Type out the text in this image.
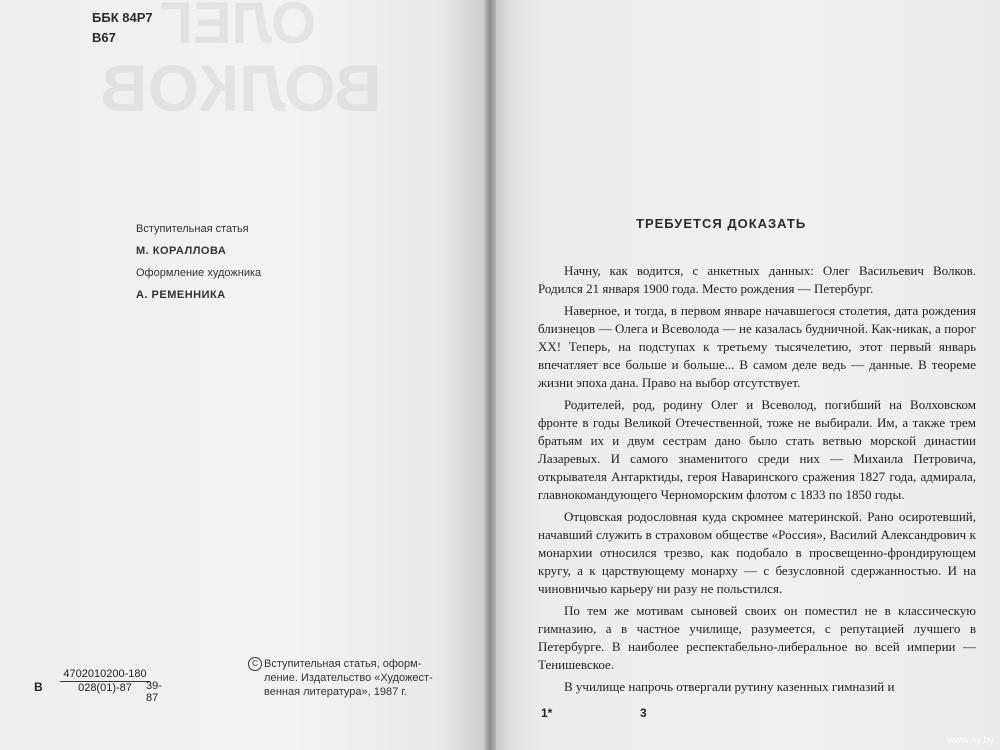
ОЛЕГ
ВОЛКОВ
ББК 84Р7
В67
Вступительная статья
М. КОРАЛЛОВА
Оформление художника
А. РЕМЕННИКА
В $\frac{4702010200-180}{028(01)-87}$
39-87
С Вступительная статья, оформ-
ление. Издательство «Художест-
венная литература», 1987 г.
ТРЕБУЕТСЯ ДОКАЗАТЬ

Начну, как водится, с анкетных данных: Олег Васильевич Волков. Родился 21 января 1900 года. Место рождения — Петербург.

Наверное, и тогда, в первом январе начавшегося столетия, дата рождения близнецов — Олега и Всеволода — не казалась будничной. Как-никак, а порог XX! Теперь, на подступах к третьему тысячелетию, этот первый январь впечатляет все больше и больше... В самом деле ведь — данные. В теореме жизни эпоха дана. Право на выбор отсутствует.

Родителей, род, родину Олег и Всеволод, погибший на Волховском фронте в годы Великой Отечественной, тоже не выбирали. Им, а также трем братьям их и двум сестрам дано было стать ветвью морской династии Лазаревых. И самого знаменитого среди них — Михаила Петровича, открывателя Антарктиды, героя Наваринского сражения 1827 года, адмирала, главнокомандующего Черноморским флотом с 1833 по 1850 годы.

Отцовская родословная куда скромнее материнской. Рано осиротевший, начавший служить в страховом обществе «Россия», Василий Александрович к монархии относился трезво, как подобало в просвещенно-фрондирующем кругу, а к царствующему монарху — с безусловной сдержанностью. И на чиновничью карьеру ни разу не польстился.

По тем же мотивам сыновей своих он поместил не в классическую гимназию, а в частное училище, разумеется, с репутацией лучшего в Петербурге. В наиболее респектабельно-либеральное во всей империи — Тенишевское.

В училище напрочь отвергали рутину казенных гимназий и

1*	3
www.ay.by
